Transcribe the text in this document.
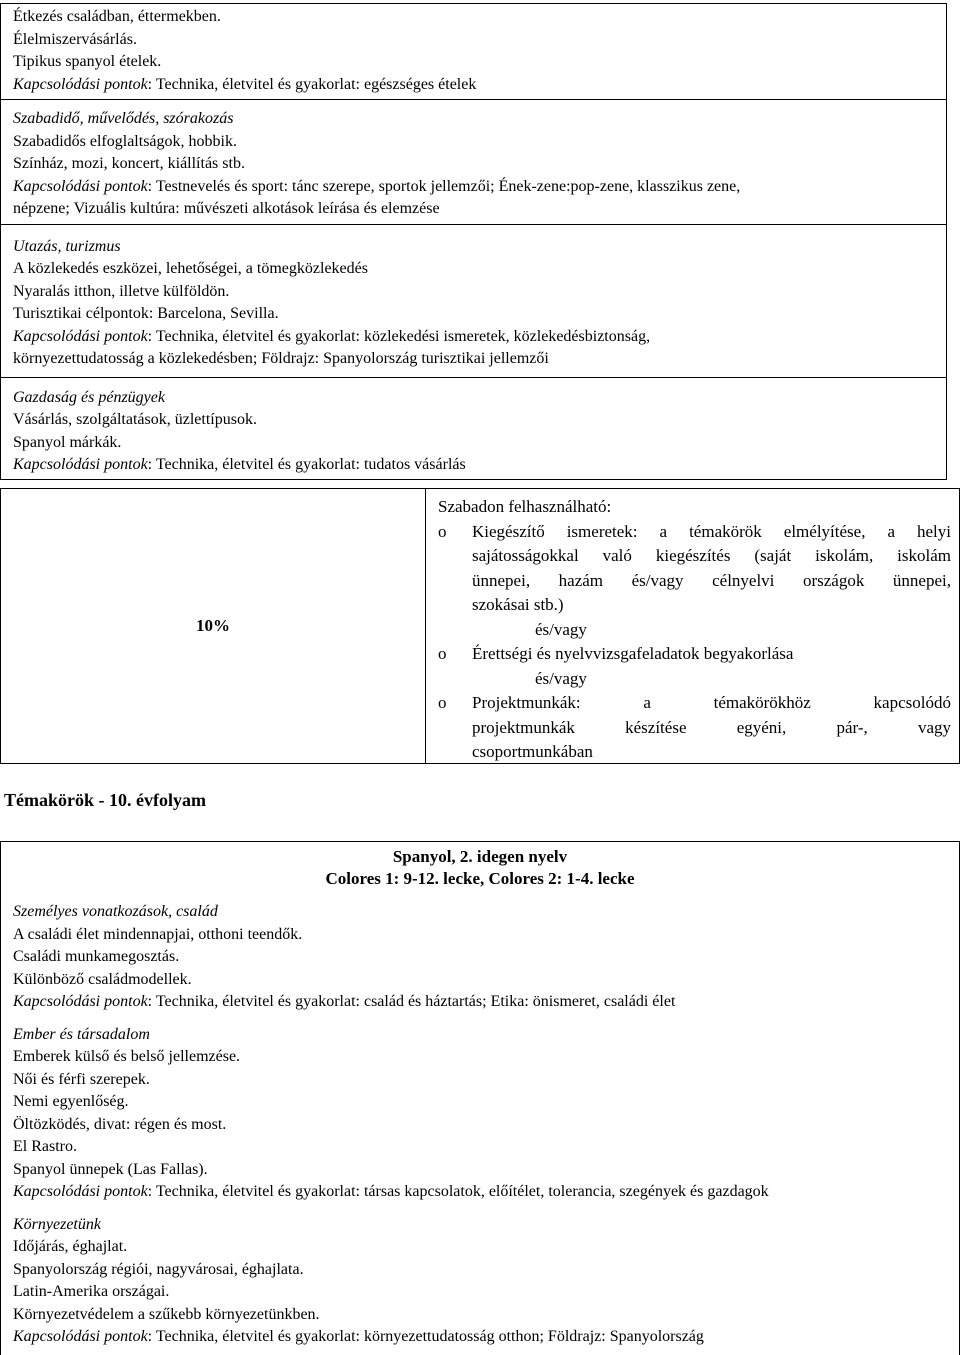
Étkezés családban, éttermekben.
Élelmiszervásárlás.
Tipikus spanyol ételek.
Kapcsolódási pontok: Technika, életvitel és gyakorlat: egészséges ételek
Szabadidő, művelődés, szórakozás
Szabadidős elfoglaltságok, hobbik.
Színház, mozi, koncert, kiállítás stb.
Kapcsolódási pontok: Testnevelés és sport: tánc szerepe, sportok jellemzői; Ének-zene:pop-zene, klasszikus zene,
népzene; Vizuális kultúra: művészeti alkotások leírása és elemzése
Utazás, turizmus
A közlekedés eszközei, lehetőségei, a tömegközlekedés
Nyaralás itthon, illetve külföldön.
Turisztikai célpontok: Barcelona, Sevilla.
Kapcsolódási pontok: Technika, életvitel és gyakorlat: közlekedési ismeretek, közlekedésbiztonság,
környezettudatosság a közlekedésben; Földrajz: Spanyolország turisztikai jellemzői
Gazdaság és pénzügyek
Vásárlás, szolgáltatások, üzlettípusok.
Spanyol márkák.
Kapcsolódási pontok: Technika, életvitel és gyakorlat: tudatos vásárlás
10%
Szabadon felhasználható:
o	Kiegészítő ismeretek: a témakörök elmélyítése, a helyi
sajátosságokkal való kiegészítés (saját iskolám, iskolám
ünnepei, hazám és/vagy célnyelvi országok ünnepei,
szokásai stb.)
és/vagy
o	Érettségi és nyelvvizsgafeladatok begyakorlása
és/vagy
o	Projektmunkák: a témakörökhöz kapcsolódó
projektmunkák készítése egyéni, pár-, vagy
csoportmunkában
Témakörök - 10. évfolyam
Spanyol, 2. idegen nyelv
Colores 1: 9-12. lecke, Colores 2: 1-4. lecke
Személyes vonatkozások, család
A családi élet mindennapjai, otthoni teendők.
Családi munkamegosztás.
Különböző családmodellek.
Kapcsolódási pontok: Technika, életvitel és gyakorlat: család és háztartás; Etika: önismeret, családi élet
Ember és társadalom
Emberek külső és belső jellemzése.
Női és férfi szerepek.
Nemi egyenlőség.
Öltözködés, divat: régen és most.
El Rastro.
Spanyol ünnepek (Las Fallas).
Kapcsolódási pontok: Technika, életvitel és gyakorlat: társas kapcsolatok, előítélet, tolerancia, szegények és gazdagok
Környezetünk
Időjárás, éghajlat.
Spanyolország régiói, nagyvárosai, éghajlata.
Latin-Amerika országai.
Környezetvédelem a szűkebb környezetünkben.
Kapcsolódási pontok: Technika, életvitel és gyakorlat: környezettudatosság otthon; Földrajz: Spanyolország
